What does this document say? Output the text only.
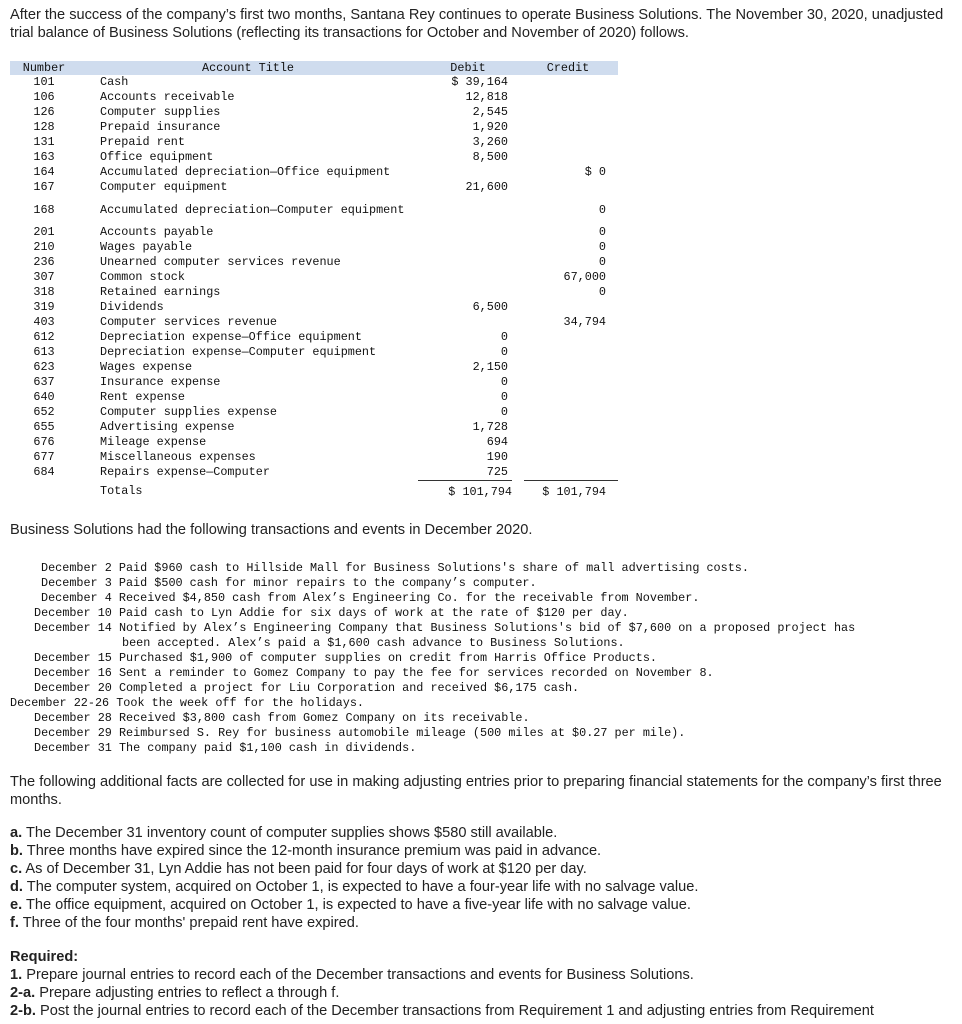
After the success of the company’s first two months, Santana Rey continues to operate Business Solutions. The November 30, 2020, unadjusted trial balance of Business Solutions (reflecting its transactions for October and November of 2020) follows.

Number	Account Title	Debit	Credit
101	Cash	$ 39,164	
106	Accounts receivable	12,818	
126	Computer supplies	2,545	
128	Prepaid insurance	1,920	
131	Prepaid rent	3,260	
163	Office equipment	8,500	
164	Accumulated depreciation—Office equipment		$ 0
167	Computer equipment	21,600	
168	Accumulated depreciation—Computer equipment		0
201	Accounts payable		0
210	Wages payable		0
236	Unearned computer services revenue		0
307	Common stock		67,000
318	Retained earnings		0
319	Dividends	6,500	
403	Computer services revenue		34,794
612	Depreciation expense—Office equipment	0	
613	Depreciation expense—Computer equipment	0	
623	Wages expense	2,150	
637	Insurance expense	0	
640	Rent expense	0	
652	Computer supplies expense	0	
655	Advertising expense	1,728	
676	Mileage expense	694	
677	Miscellaneous expenses	190	
684	Repairs expense—Computer	725	
	Totals	$ 101,794	$ 101,794

Business Solutions had the following transactions and events in December 2020.

December 2 Paid $960 cash to Hillside Mall for Business Solutions's share of mall advertising costs.
December 3 Paid $500 cash for minor repairs to the company’s computer.
December 4 Received $4,850 cash from Alex’s Engineering Co. for the receivable from November.
December 10 Paid cash to Lyn Addie for six days of work at the rate of $120 per day.
December 14 Notified by Alex’s Engineering Company that Business Solutions's bid of $7,600 on a proposed project has
been accepted. Alex’s paid a $1,600 cash advance to Business Solutions.
December 15 Purchased $1,900 of computer supplies on credit from Harris Office Products.
December 16 Sent a reminder to Gomez Company to pay the fee for services recorded on November 8.
December 20 Completed a project for Liu Corporation and received $6,175 cash.
December 22-26 Took the week off for the holidays.
December 28 Received $3,800 cash from Gomez Company on its receivable.
December 29 Reimbursed S. Rey for business automobile mileage (500 miles at $0.27 per mile).
December 31 The company paid $1,100 cash in dividends.

The following additional facts are collected for use in making adjusting entries prior to preparing financial statements for the company’s first three months.

a. The December 31 inventory count of computer supplies shows $580 still available.
b. Three months have expired since the 12-month insurance premium was paid in advance.
c. As of December 31, Lyn Addie has not been paid for four days of work at $120 per day.
d. The computer system, acquired on October 1, is expected to have a four-year life with no salvage value.
e. The office equipment, acquired on October 1, is expected to have a five-year life with no salvage value.
f. Three of the four months' prepaid rent have expired.
Required:
1. Prepare journal entries to record each of the December transactions and events for Business Solutions.
2-a. Prepare adjusting entries to reflect a through f.
2-b. Post the journal entries to record each of the December transactions from Requirement 1 and adjusting entries from Requirement
